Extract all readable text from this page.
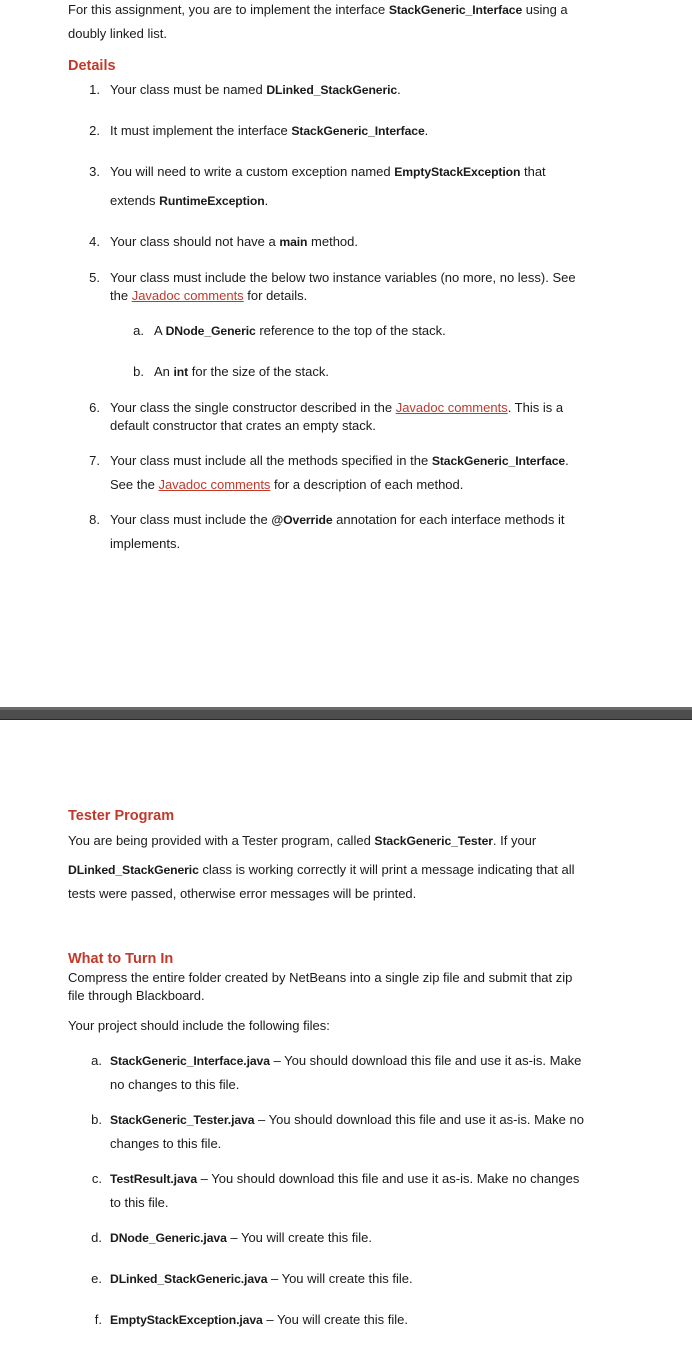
For this assignment, you are to implement the interface StackGeneric_Interface using a
doubly linked list.
Details
1. Your class must be named DLinked_StackGeneric.
2. It must implement the interface StackGeneric_Interface.
3. You will need to write a custom exception named EmptyStackException that
extends RuntimeException.
4. Your class should not have a main method.
5. Your class must include the below two instance variables (no more, no less). See
the Javadoc comments for details.
a. A DNode_Generic reference to the top of the stack.
b. An int for the size of the stack.
6. Your class the single constructor described in the Javadoc comments. This is a
default constructor that crates an empty stack.
7. Your class must include all the methods specified in the StackGeneric_Interface.
See the Javadoc comments for a description of each method.
8. Your class must include the @Override annotation for each interface methods it
implements.
Tester Program
You are being provided with a Tester program, called StackGeneric_Tester. If your
DLinked_StackGeneric class is working correctly it will print a message indicating that all
tests were passed, otherwise error messages will be printed.
What to Turn In
Compress the entire folder created by NetBeans into a single zip file and submit that zip
file through Blackboard.
Your project should include the following files:
a. StackGeneric_Interface.java – You should download this file and use it as-is. Make
no changes to this file.
b. StackGeneric_Tester.java – You should download this file and use it as-is. Make no
changes to this file.
c. TestResult.java – You should download this file and use it as-is. Make no changes
to this file.
d. DNode_Generic.java – You will create this file.
e. DLinked_StackGeneric.java – You will create this file.
f. EmptyStackException.java – You will create this file.
